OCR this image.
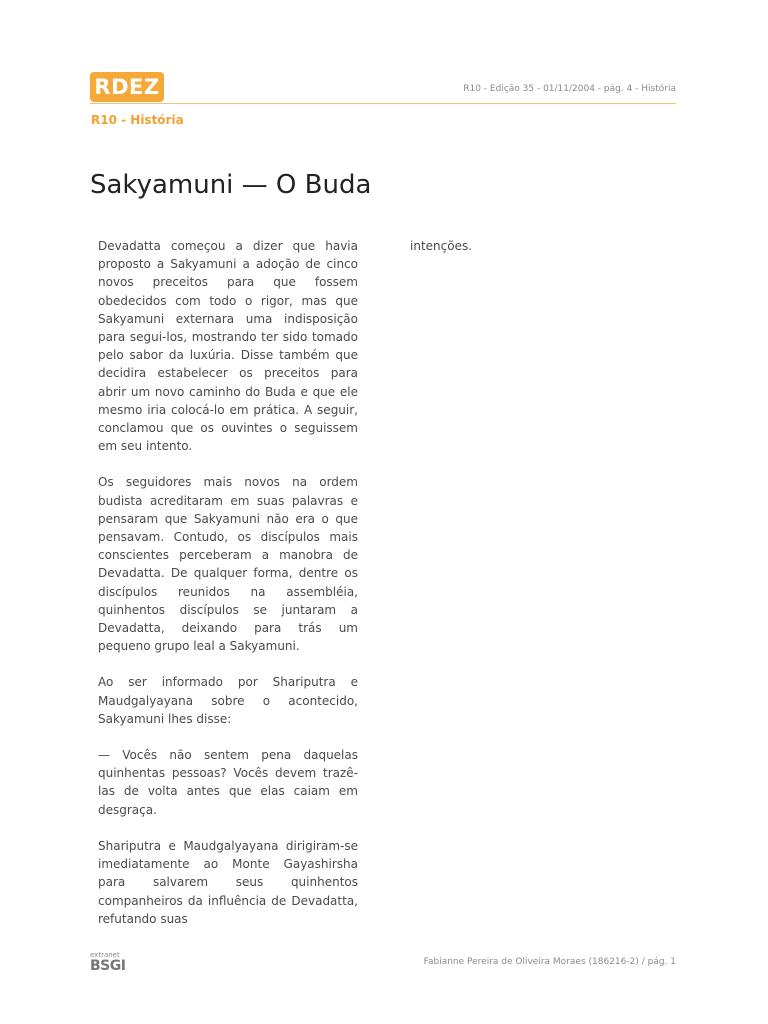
RDEZ	R10 - Edição 35 - 01/11/2004 - pág. 4 - História
R10 - História
Sakyamuni — O Buda

Devadatta começou a dizer que havia proposto a Sakyamuni a adoção de cinco novos preceitos para que fossem obedecidos com todo o rigor, mas que Sakyamuni externara uma indisposição para segui-los, mostrando ter sido tomado pelo sabor da luxúria. Disse também que decidira estabelecer os preceitos para abrir um novo caminho do Buda e que ele mesmo iria colocá-lo em prática. A seguir, conclamou que os ouvintes o seguissem em seu intento.

Os seguidores mais novos na ordem budista acreditaram em suas palavras e pensaram que Sakyamuni não era o que pensavam. Contudo, os discípulos mais conscientes perceberam a manobra de Devadatta. De qualquer forma, dentre os discípulos reunidos na assembléia, quinhentos discípulos se juntaram a Devadatta, deixando para trás um pequeno grupo leal a Sakyamuni.

Ao ser informado por Shariputra e Maudgalyayana sobre o acontecido, Sakyamuni lhes disse:

— Vocês não sentem pena daquelas quinhentas pessoas? Vocês devem trazê-las de volta antes que elas caiam em desgraça.

Shariputra e Maudgalyayana dirigiram-se imediatamente ao Monte Gayashirsha para salvarem seus quinhentos companheiros da influência de Devadatta, refutando suas

intenções.

extranet
BSGI	Fabianne Pereira de Oliveira Moraes (186216-2) / pág. 1
